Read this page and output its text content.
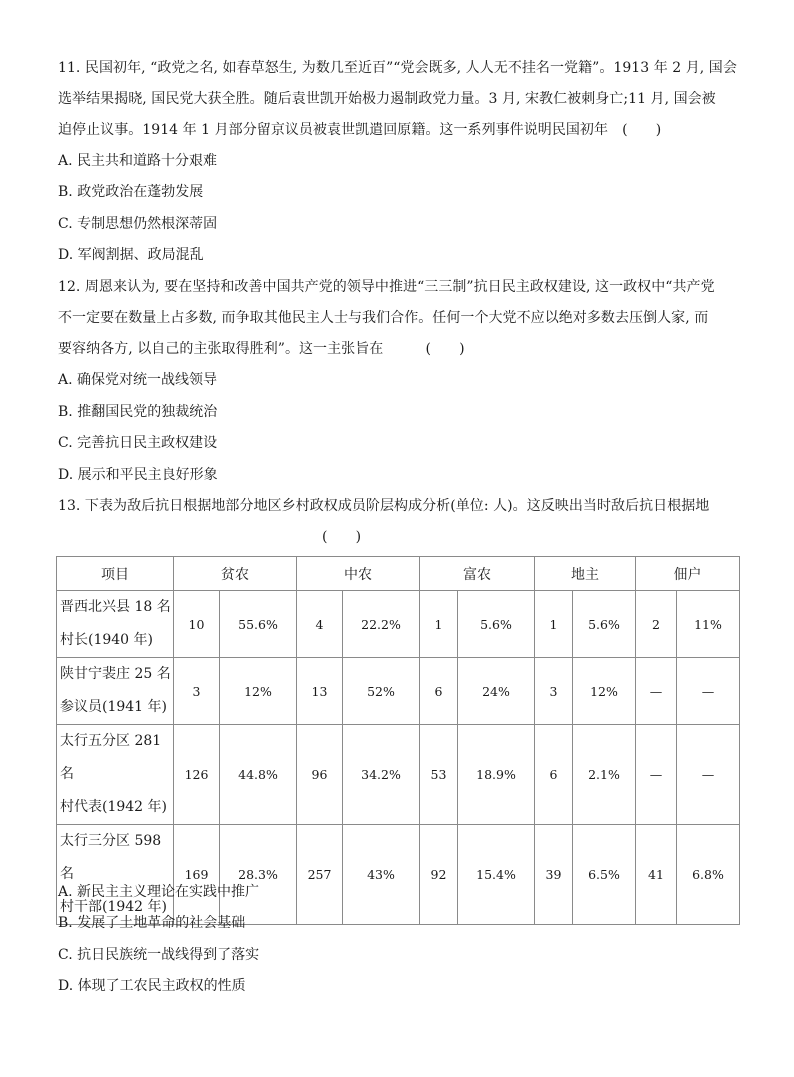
11. 民国初年, “政党之名, 如春草怒生, 为数几至近百”“党会既多, 人人无不挂名一党籍”。1913 年 2 月, 国会
选举结果揭晓, 国民党大获全胜。随后袁世凯开始极力遏制政党力量。3 月, 宋教仁被刺身亡;11 月, 国会被
迫停止议事。1914 年 1 月部分留京议员被袁世凯遣回原籍。这一系列事件说明民国初年　(　　)
A. 民主共和道路十分艰难
B. 政党政治在蓬勃发展
C. 专制思想仍然根深蒂固
D. 军阀割据、政局混乱
12. 周恩来认为, 要在坚持和改善中国共产党的领导中推进“三三制”抗日民主政权建设, 这一政权中“共产党
不一定要在数量上占多数, 而争取其他民主人士与我们合作。任何一个大党不应以绝对多数去压倒人家, 而
要容纳各方, 以自己的主张取得胜利”。这一主张旨在　　　(　　)
A. 确保党对统一战线领导
B. 推翻国民党的独裁统治
C. 完善抗日民主政权建设
D. 展示和平民主良好形象
13. 下表为敌后抗日根据地部分地区乡村政权成员阶层构成分析(单位: 人)。这反映出当时敌后抗日根据地
(　　)
项目	贫农		中农		富农		地主		佃户	

晋西北兴县 18 名
村长(1940 年)	10	55.6%	4	22.2%	1	5.6%	1	5.6%	2	11%

陕甘宁裴庄 25 名
参议员(1941 年)	3	12%	13	52%	6	24%	3	12%	—	—

太行五分区 281 名
村代表(1942 年)	126	44.8%	96	34.2%	53	18.9%	6	2.1%	—	—

太行三分区 598 名
村干部(1942 年)	169	28.3%	257	43%	92	15.4%	39	6.5%	41	6.8%
A. 新民主主义理论在实践中推广
B. 发展了土地革命的社会基础
C. 抗日民族统一战线得到了落实
D. 体现了工农民主政权的性质
